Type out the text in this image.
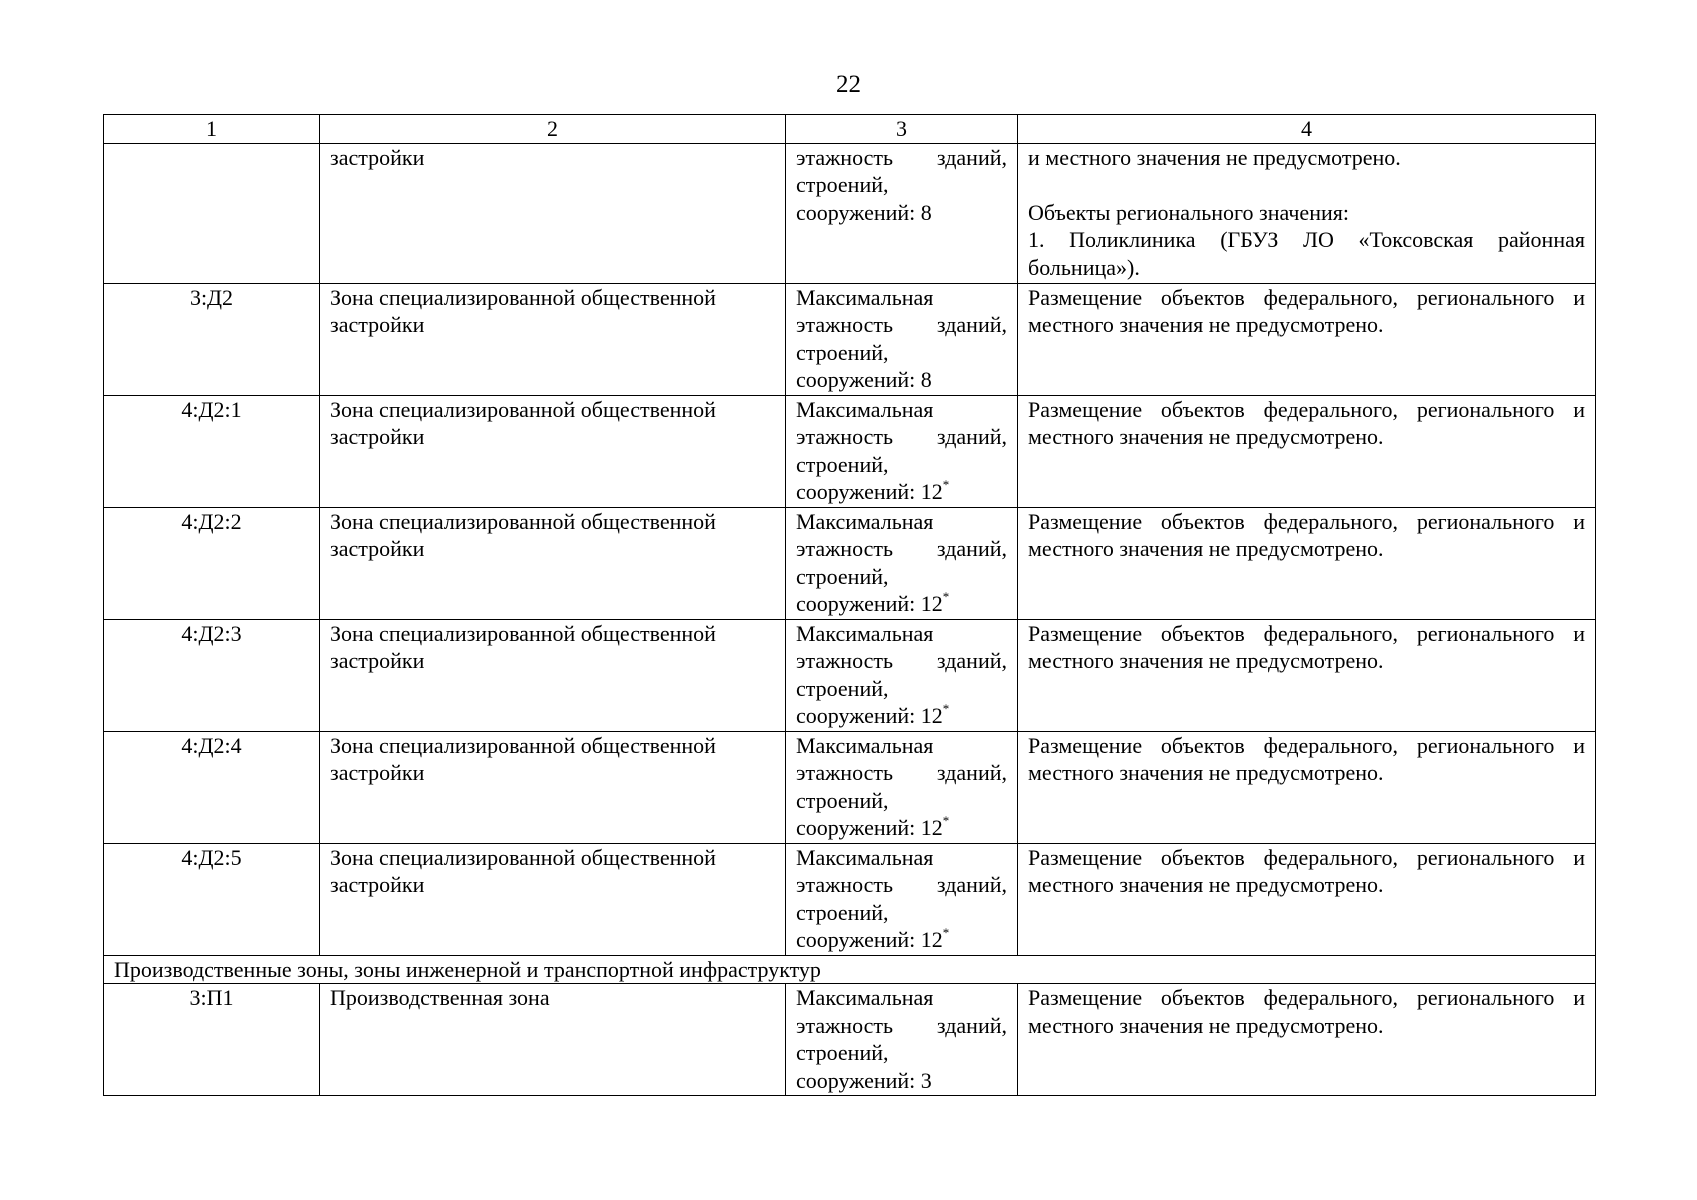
22
1	2	3	4
	застройки	этажность зданий, строений, сооружений: 8	и местного значения не предусмотрено.
Объекты регионального значения:
1. Поликлиника (ГБУЗ ЛО «Токсовская районная больница»).

3:Д2	Зона специализированной общественной застройки	Максимальная этажность зданий, строений, сооружений: 8	Размещение объектов федерального, регионального и местного значения не предусмотрено.
4:Д2:1	Зона специализированной общественной застройки	Максимальная этажность зданий, строений, сооружений: 12*	Размещение объектов федерального, регионального и местного значения не предусмотрено.
4:Д2:2	Зона специализированной общественной застройки	Максимальная этажность зданий, строений, сооружений: 12*	Размещение объектов федерального, регионального и местного значения не предусмотрено.
4:Д2:3	Зона специализированной общественной застройки	Максимальная этажность зданий, строений, сооружений: 12*	Размещение объектов федерального, регионального и местного значения не предусмотрено.
4:Д2:4	Зона специализированной общественной застройки	Максимальная этажность зданий, строений, сооружений: 12*	Размещение объектов федерального, регионального и местного значения не предусмотрено.
4:Д2:5	Зона специализированной общественной застройки	Максимальная этажность зданий, строений, сооружений: 12*	Размещение объектов федерального, регионального и местного значения не предусмотрено.
Производственные зоны, зоны инженерной и транспортной инфраструктур			
3:П1	Производственная зона	Максимальная этажность зданий, строений, сооружений: 3	Размещение объектов федерального, регионального и местного значения не предусмотрено.
